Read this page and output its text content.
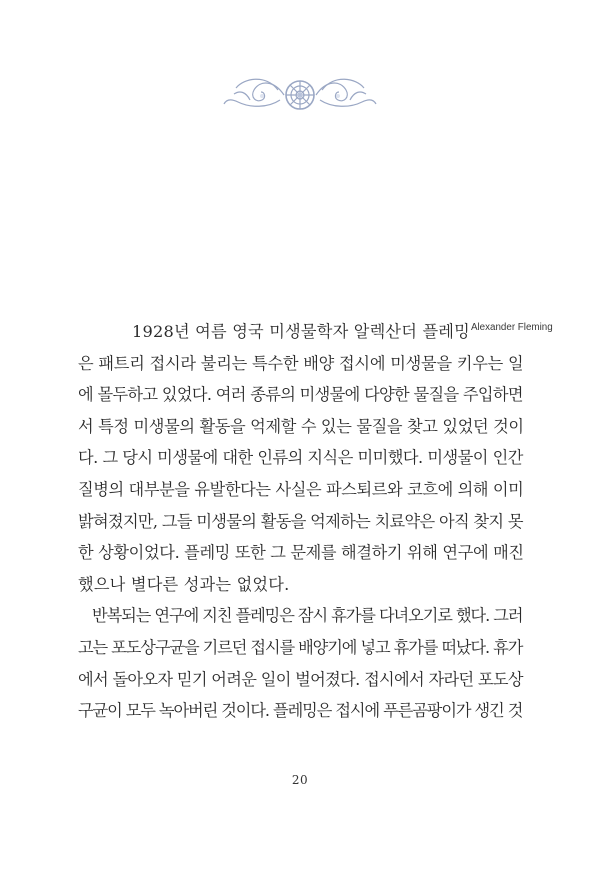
1928년 여름 영국 미생물학자 알렉산더 플레밍 Alexander Fleming
은 패트리 접시라 불리는 특수한 배양 접시에 미생물을 키우는 일
에 몰두하고 있었다. 여러 종류의 미생물에 다양한 물질을 주입하면
서 특정 미생물의 활동을 억제할 수 있는 물질을 찾고 있었던 것이
다. 그 당시 미생물에 대한 인류의 지식은 미미했다. 미생물이 인간
질병의 대부분을 유발한다는 사실은 파스퇴르와 코흐에 의해 이미
밝혀졌지만, 그들 미생물의 활동을 억제하는 치료약은 아직 찾지 못
한 상황이었다. 플레밍 또한 그 문제를 해결하기 위해 연구에 매진
했으나 별다른 성과는 없었다.
반복되는 연구에 지친 플레밍은 잠시 휴가를 다녀오기로 했다. 그러
고는 포도상구균을 기르던 접시를 배양기에 넣고 휴가를 떠났다. 휴가
에서 돌아오자 믿기 어려운 일이 벌어졌다. 접시에서 자라던 포도상
구균이 모두 녹아버린 것이다. 플레밍은 접시에 푸른곰팡이가 생긴 것
20
